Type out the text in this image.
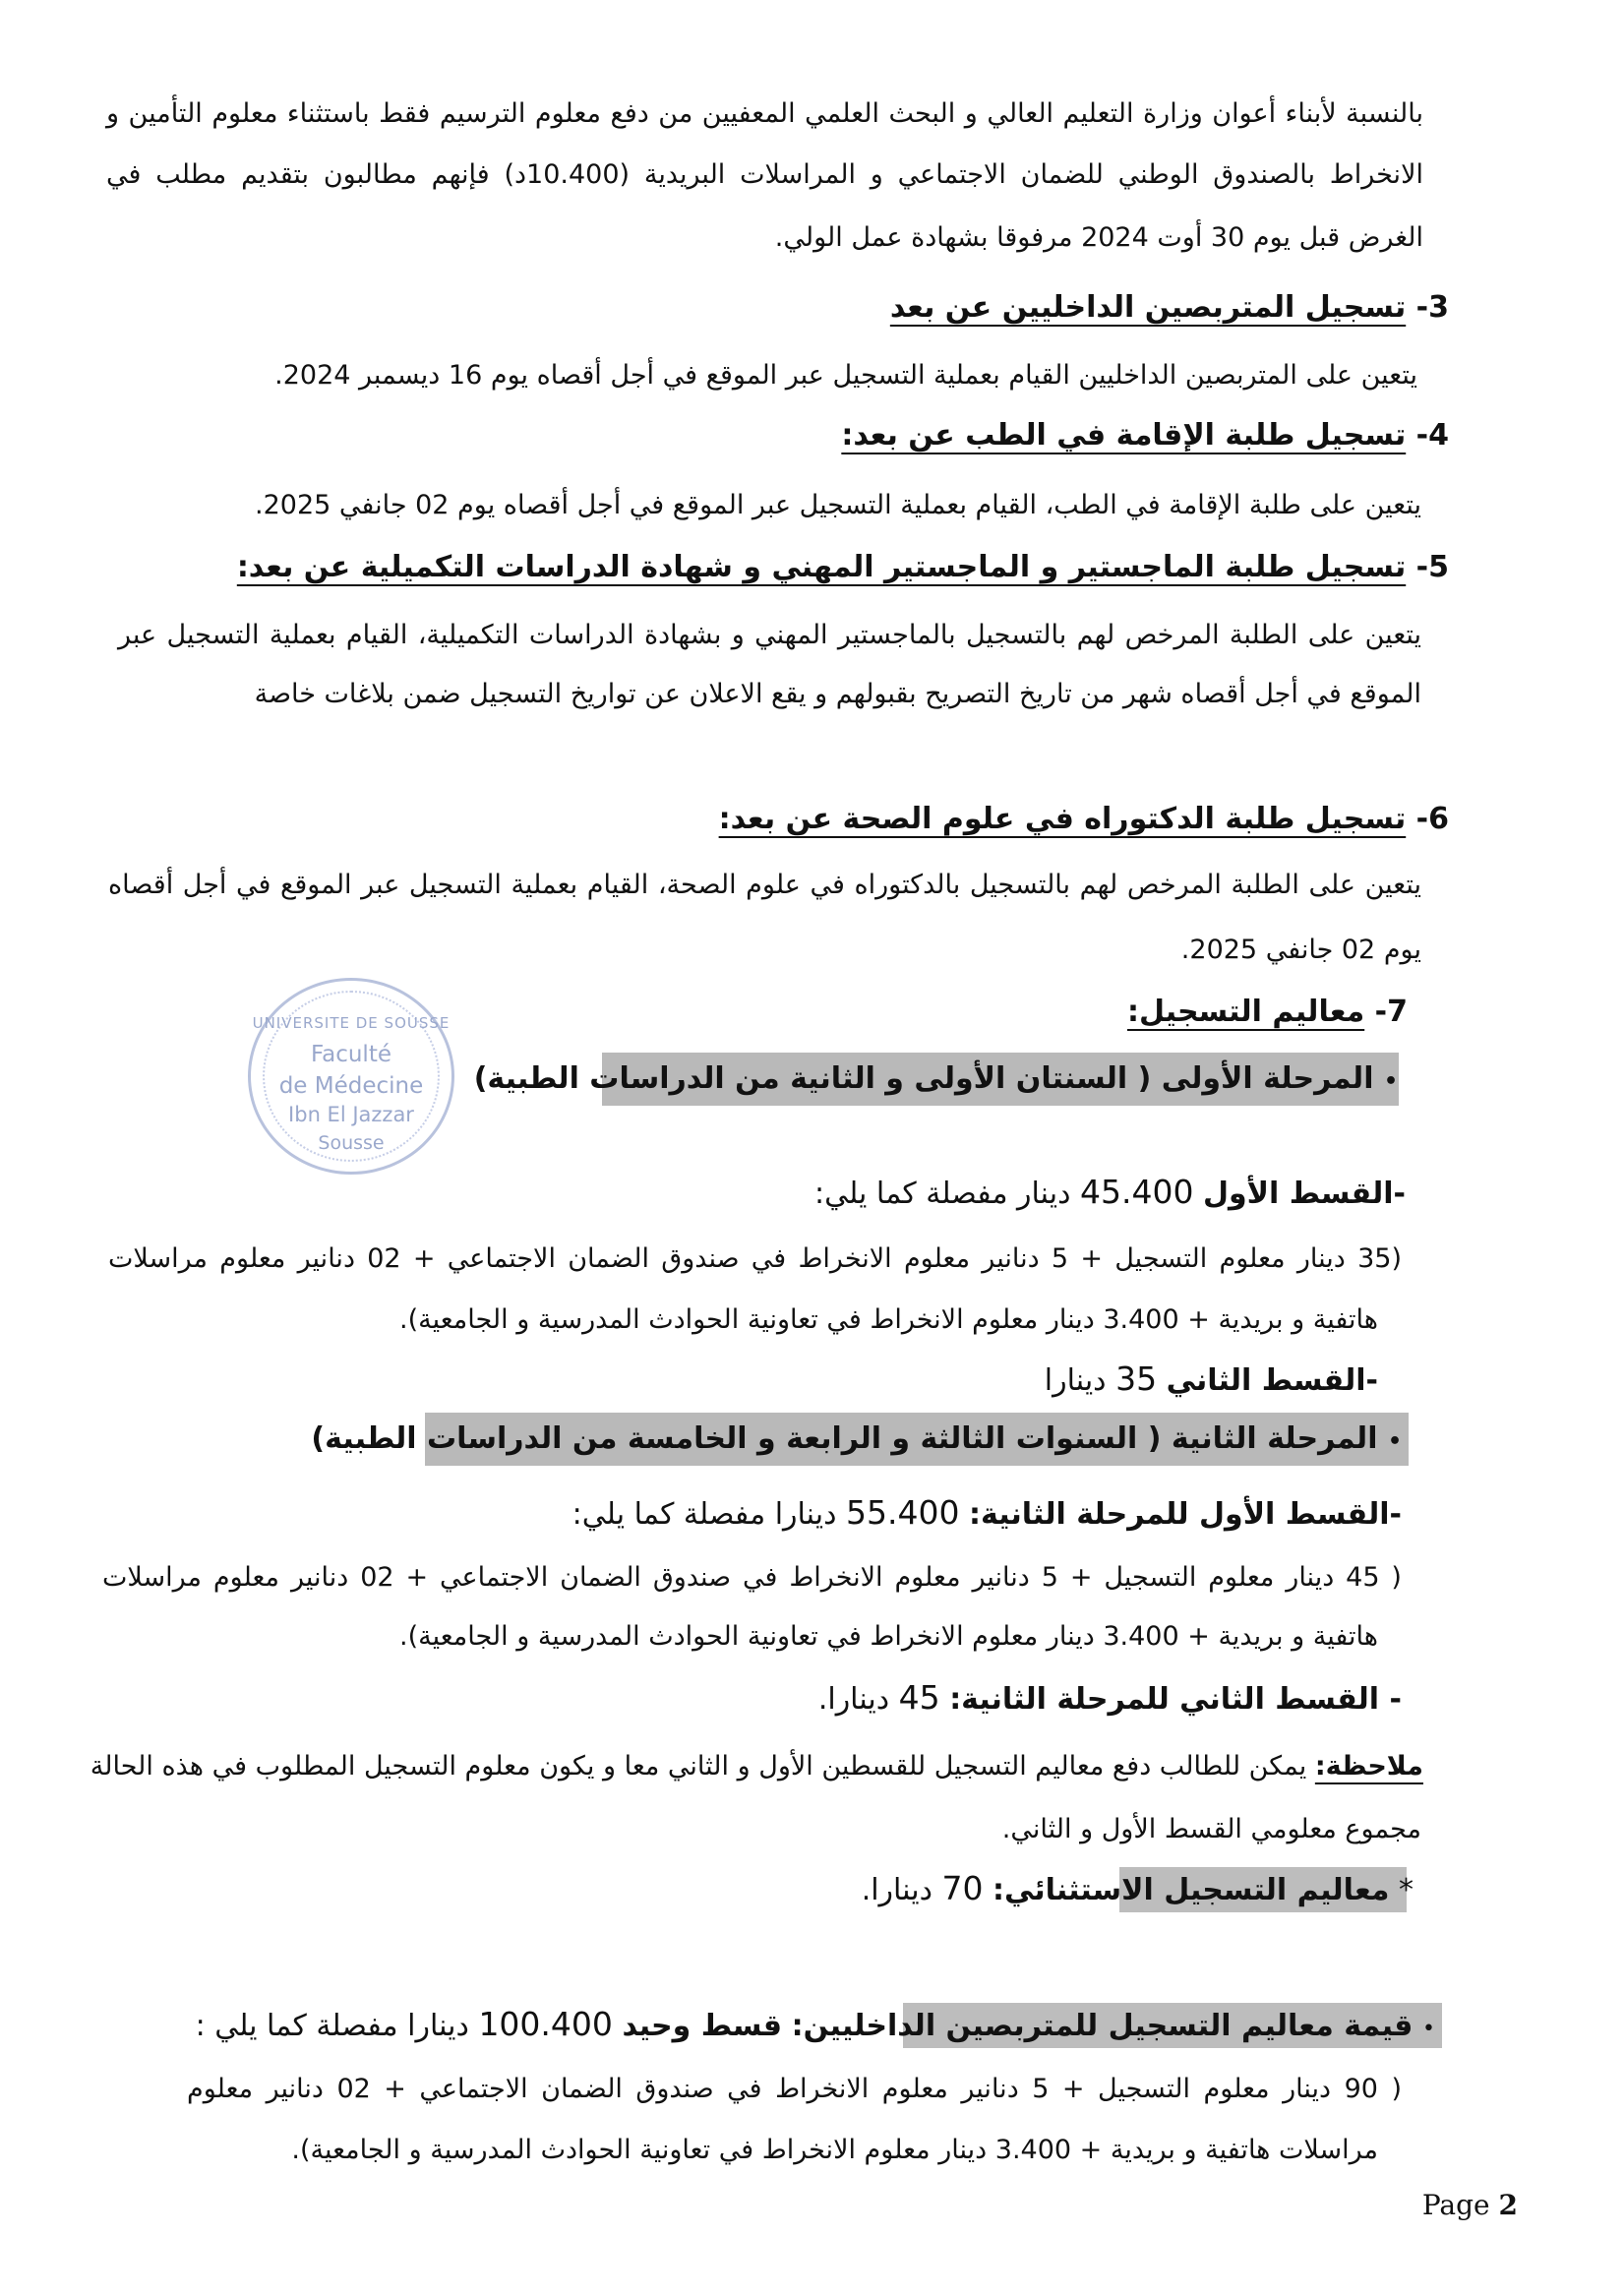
بالنسبة لأبناء أعوان وزارة التعليم العالي و البحث العلمي المعفيين من دفع معلوم الترسيم فقط باستثناء معلوم التأمين و
الانخراط بالصندوق الوطني للضمان الاجتماعي و المراسلات البريدية (10.400د) فإنهم مطالبون بتقديم مطلب في
الغرض قبل يوم 30 أوت 2024 مرفوقا بشهادة عمل الولي.
3- تسجيل المتربصين الداخليين عن بعد
يتعين على المتربصين الداخليين القيام بعملية التسجيل عبر الموقع في أجل أقصاه يوم 16 ديسمبر 2024.
4- تسجيل طلبة الإقامة في الطب عن بعد:
يتعين على طلبة الإقامة في الطب، القيام بعملية التسجيل عبر الموقع في أجل أقصاه يوم 02 جانفي 2025.
5- تسجيل طلبة الماجستير و الماجستير المهني و شهادة الدراسات التكميلية عن بعد:
يتعين على الطلبة المرخص لهم بالتسجيل بالماجستير المهني و بشهادة الدراسات التكميلية، القيام بعملية التسجيل عبر
الموقع في أجل أقصاه شهر من تاريخ التصريح بقبولهم و يقع الاعلان عن تواريخ التسجيل ضمن بلاغات خاصة
6- تسجيل طلبة الدكتوراه في علوم الصحة عن بعد:
يتعين على الطلبة المرخص لهم بالتسجيل بالدكتوراه في علوم الصحة، القيام بعملية التسجيل عبر الموقع في أجل أقصاه
يوم 02 جانفي 2025.
7- معاليم التسجيل:
UNIVERSITE DE SOUSSE
Faculté
de Médecine
Ibn El Jazzar
Sousse
• المرحلة الأولى ( السنتان الأولى و الثانية من الدراسات الطبية)
-القسط الأول 45.400 دينار مفصلة كما يلي:
(35 دينار معلوم التسجيل + 5 دنانير معلوم الانخراط في صندوق الضمان الاجتماعي + 02 دنانير معلوم مراسلات
هاتفية و بريدية + 3.400 دينار معلوم الانخراط في تعاونية الحوادث المدرسية و الجامعية).
-القسط الثاني 35 دينارا
• المرحلة الثانية ( السنوات الثالثة و الرابعة و الخامسة من الدراسات الطبية)
-القسط الأول للمرحلة الثانية: 55.400 دينارا مفصلة كما يلي:
( 45 دينار معلوم التسجيل + 5 دنانير معلوم الانخراط في صندوق الضمان الاجتماعي + 02 دنانير معلوم مراسلات
هاتفية و بريدية + 3.400 دينار معلوم الانخراط في تعاونية الحوادث المدرسية و الجامعية).
- القسط الثاني للمرحلة الثانية: 45 دينارا.
ملاحظة: يمكن للطالب دفع معاليم التسجيل للقسطين الأول و الثاني معا و يكون معلوم التسجيل المطلوب في هذه الحالة
مجموع معلومي القسط الأول و الثاني.
* معاليم التسجيل الاستثنائي: 70 دينارا.
• قيمة معاليم التسجيل للمتربصين الداخليين: قسط وحيد 100.400 دينارا مفصلة كما يلي :
( 90 دينار معلوم التسجيل + 5 دنانير معلوم الانخراط في صندوق الضمان الاجتماعي + 02 دنانير معلوم
مراسلات هاتفية و بريدية + 3.400 دينار معلوم الانخراط في تعاونية الحوادث المدرسية و الجامعية).
Page 2
